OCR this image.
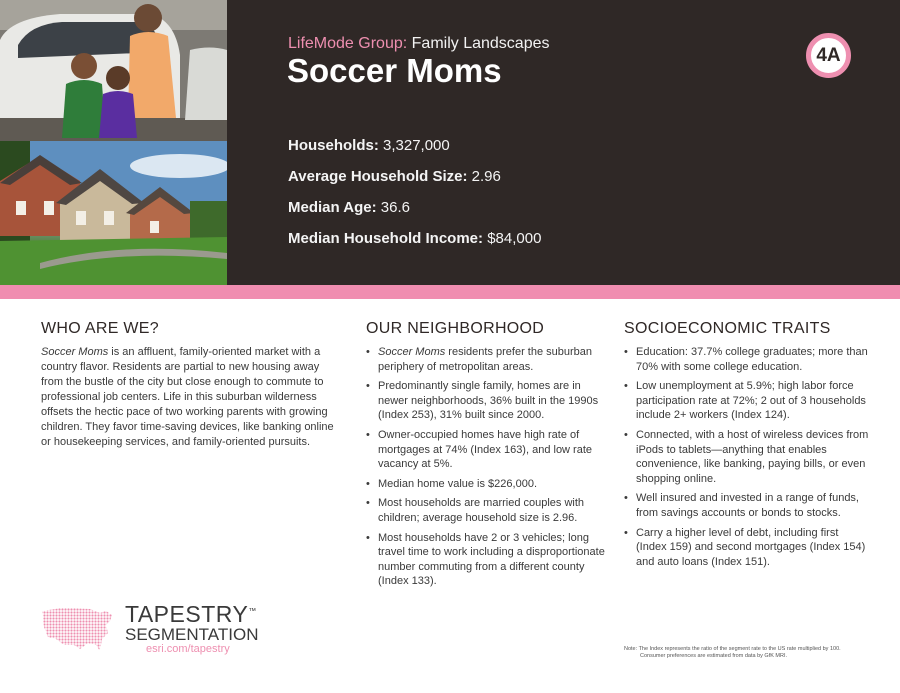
LifeMode Group: Family Landscapes
Soccer Moms	4A
Households : 3,327,000
Average Household Size : 2.96
Median Age : 36.6
Median Household Income : $84,000
WHO ARE WE?

Soccer Moms is an affluent, family-oriented market with a country flavor. Residents are partial to new housing away from the bustle of the city but close enough to commute to professional job centers. Life in this suburban wilderness offsets the hectic pace of two working parents with growing children. They favor time-saving devices, like banking online or housekeeping services, and family-oriented pursuits.

OUR NEIGHBORHOOD
• Soccer Moms residents prefer the suburban periphery of metropolitan areas.
• Predominantly single family, homes are in newer neighborhoods, 36% built in the 1990s (Index 253), 31% built since 2000.
• Owner-occupied homes have high rate of mortgages at 74% (Index 163), and low rate vacancy at 5%.
• Median home value is $226,000.
• Most households are married couples with children; average household size is 2.96.
• Most households have 2 or 3 vehicles; long travel time to work including a disproportionate number commuting from a different county (Index 133).
SOCIOECONOMIC TRAITS
• Education: 37.7% college graduates; more than 70% with some college education.
• Low unemployment at 5.9%; high labor force participation rate at 72%; 2 out of 3 households include 2+ workers (Index 124).
• Connected, with a host of wireless devices from iPods to tablets—anything that enables convenience, like banking, paying bills, or even shopping online.
• Well insured and invested in a range of funds, from savings accounts or bonds to stocks.
• Carry a higher level of debt, including first (Index 159) and second mortgages (Index 154) and auto loans (Index 151).
TAPESTRY™
SEGMENTATION
esri.com/tapestry	Note: The Index represents the ratio of the segment rate to the US rate multiplied by 100.
Consumer preferences are estimated from data by GfK MRI.
